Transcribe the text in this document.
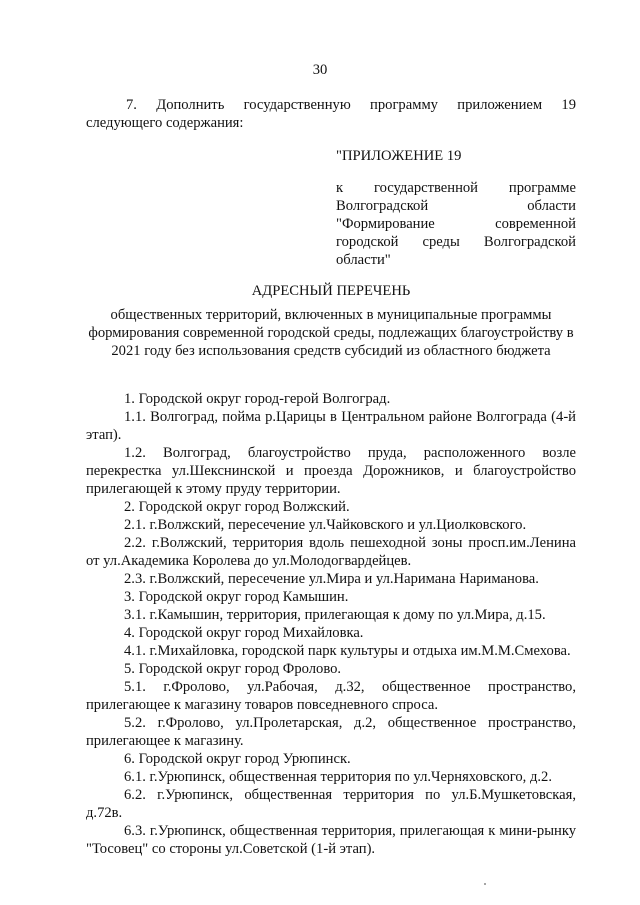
30
7. Дополнить государственную программу приложением 19 следующего содержания:
"ПРИЛОЖЕНИЕ 19
к государственной программе Волгоградской области "Формирование современной городской среды Волгоградской области"
АДРЕСНЫЙ ПЕРЕЧЕНЬ
общественных территорий, включенных в муниципальные программы формирования современной городской среды, подлежащих благоустройству в 2021 году без использования средств субсидий из областного бюджета
1. Городской округ город-герой Волгоград.
1.1. Волгоград, пойма р.Царицы в Центральном районе Волгограда (4-й этап).
1.2. Волгоград, благоустройство пруда, расположенного возле перекрестка ул.Шекснинской и проезда Дорожников, и благоустройство прилегающей к этому пруду территории.
2. Городской округ город Волжский.
2.1. г.Волжский, пересечение ул.Чайковского и ул.Циолковского.
2.2. г.Волжский, территория вдоль пешеходной зоны просп.им.Ленина от ул.Академика Королева до ул.Молодогвардейцев.
2.3. г.Волжский, пересечение ул.Мира и ул.Наримана Нариманова.
3. Городской округ город Камышин.
3.1. г.Камышин, территория, прилегающая к дому по ул.Мира, д.15.
4. Городской округ город Михайловка.
4.1. г.Михайловка, городской парк культуры и отдыха им.М.М.Смехова.
5. Городской округ город Фролово.
5.1. г.Фролово, ул.Рабочая, д.32, общественное пространство, прилегающее к магазину товаров повседневного спроса.
5.2. г.Фролово, ул.Пролетарская, д.2, общественное пространство, прилегающее к магазину.
6. Городской округ город Урюпинск.
6.1. г.Урюпинск, общественная территория по ул.Черняховского, д.2.
6.2. г.Урюпинск, общественная территория по ул.Б.Мушкетовская, д.72в.
6.3. г.Урюпинск, общественная территория, прилегающая к мини-рынку "Тосовец" со стороны ул.Советской (1-й этап).
